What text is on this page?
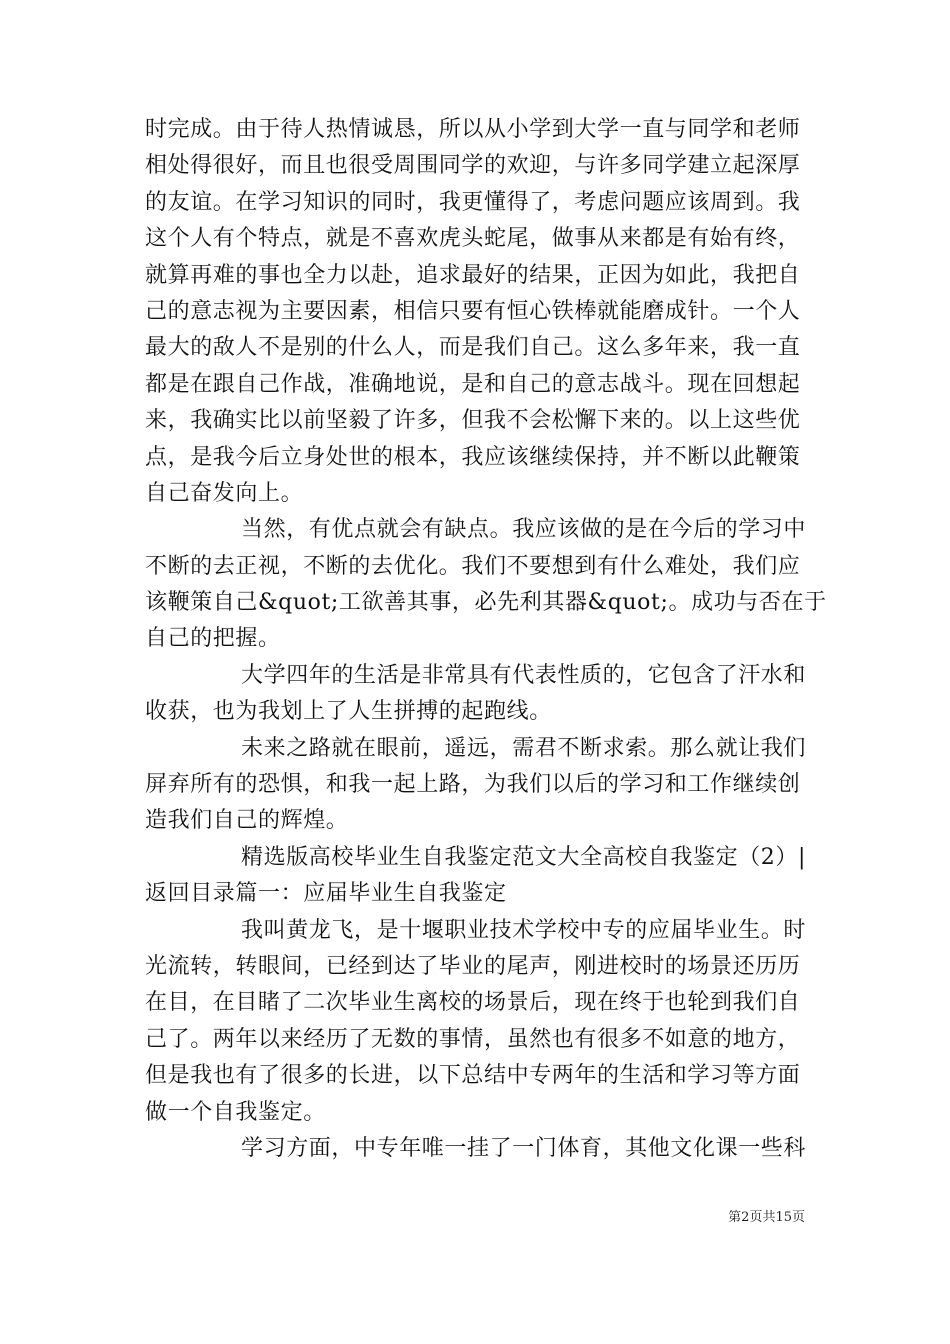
时完成。由于待人热情诚恳，所以从小学到大学一直与同学和老师
相处得很好，而且也很受周围同学的欢迎，与许多同学建立起深厚
的友谊。在学习知识的同时，我更懂得了，考虑问题应该周到。我
这个人有个特点，就是不喜欢虎头蛇尾，做事从来都是有始有终，
就算再难的事也全力以赴，追求最好的结果，正因为如此，我把自
己的意志视为主要因素，相信只要有恒心铁棒就能磨成针。一个人
最大的敌人不是别的什么人，而是我们自己。这么多年来，我一直
都是在跟自己作战，准确地说，是和自己的意志战斗。现在回想起
来，我确实比以前坚毅了许多，但我不会松懈下来的。以上这些优
点，是我今后立身处世的根本，我应该继续保持，并不断以此鞭策
自己奋发向上。
当然，有优点就会有缺点。我应该做的是在今后的学习中
不断的去正视，不断的去优化。我们不要想到有什么难处，我们应
该鞭策自己&quot;工欲善其事，必先利其器&quot;。成功与否在于
自己的把握。
大学四年的生活是非常具有代表性质的，它包含了汗水和
收获，也为我划上了人生拼搏的起跑线。
未来之路就在眼前，遥远，需君不断求索。那么就让我们
屏弃所有的恐惧，和我一起上路，为我们以后的学习和工作继续创
造我们自己的辉煌。
精选版高校毕业生自我鉴定范文大全高校自我鉴定（2）|
返回目录篇一：应届毕业生自我鉴定
我叫黄龙飞，是十堰职业技术学校中专的应届毕业生。时
光流转，转眼间，已经到达了毕业的尾声，刚进校时的场景还历历
在目，在目睹了二次毕业生离校的场景后，现在终于也轮到我们自
己了。两年以来经历了无数的事情，虽然也有很多不如意的地方，
但是我也有了很多的长进，以下总结中专两年的生活和学习等方面
做一个自我鉴定。
学习方面，中专年唯一挂了一门体育，其他文化课一些科
第2页共15页
